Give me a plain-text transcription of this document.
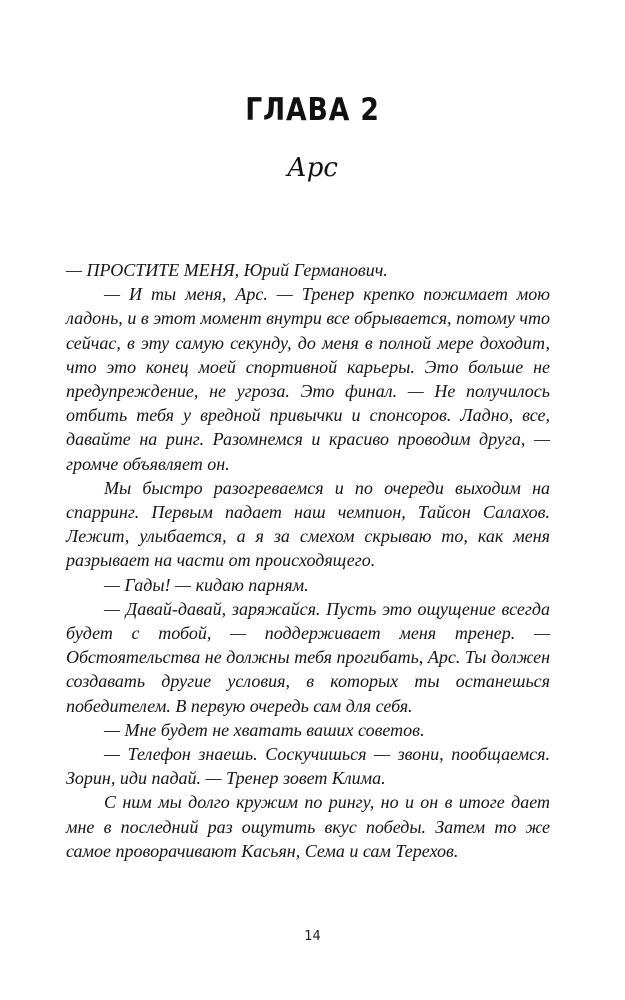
ГЛАВА 2
Арс

— ПРОСТИТЕ МЕНЯ, Юрий Германович.

— И ты меня, Арс. — Тренер крепко пожимает мою ладонь, и в этот момент внутри все обрывается, потому что сейчас, в эту самую секунду, до меня в полной мере доходит, что это конец моей спортивной карьеры. Это больше не предупреждение, не угроза. Это финал. — Не получилось отбить тебя у вредной привычки и спонсоров. Ладно, все, давайте на ринг. Разомнемся и красиво проводим друга, — громче объявляет он.

Мы быстро разогреваемся и по очереди выходим на спарринг. Первым падает наш чемпион, Тайсон Салахов. Лежит, улыбается, а я за смехом скрываю то, как меня разрывает на части от происходящего.

— Гады! — кидаю парням.

— Давай-давай, заряжайся. Пусть это ощущение всегда будет с тобой, — поддерживает меня тренер. — Обстоятельства не должны тебя прогибать, Арс. Ты должен создавать другие условия, в которых ты останешься победителем. В первую очередь сам для себя.

— Мне будет не хватать ваших советов.

— Телефон знаешь. Соскучишься — звони, пообщаемся. Зорин, иди падай. — Тренер зовет Клима.

С ним мы долго кружим по рингу, но и он в итоге дает мне в последний раз ощутить вкус победы. Затем то же самое проворачивают Касьян, Сема и сам Терехов.

14
